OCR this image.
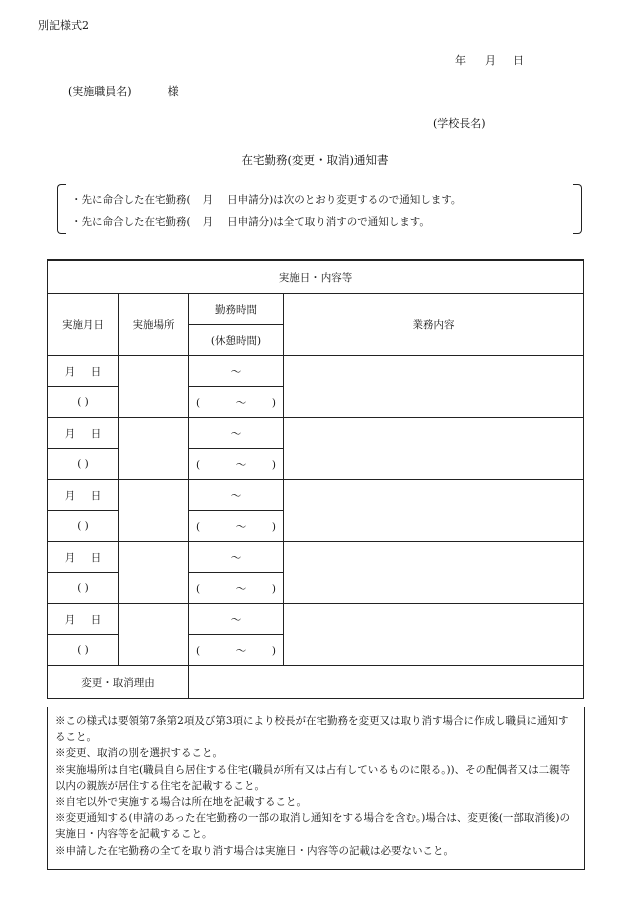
別記様式2
年 月 日
(実施職員名)	様
(学校長名)
在宅勤務(変更・取消)通知書
・先に命合した在宅勤務( 月 日申請分)は次のとおり変更するので通知します。
・先に命合した在宅勤務( 月 日申請分)は全て取り消すので通知します。
実施日・内容等			
実施月日	実施場所	勤務時間	業務内容
		(休憩時間)	
月 日		～	
( )		( ～ )	
月 日		～	
( )		( ～ )	
月 日		～	
( )		( ～ )	
月 日		～	
( )		( ～ )	
月 日		～	
( )		( ～ )	
変更・取消理由			
※この様式は要領第7条第2項及び第3項により校長が在宅勤務を変更又は取り消す場合に作成し職員に通知すること。
※変更、取消の別を選択すること。
※実施場所は自宅(職員自ら居住する住宅(職員が所有又は占有しているものに限る。))、その配偶者又は二親等以内の親族が居住する住宅を記載すること。
※自宅以外で実施する場合は所在地を記載すること。
※変更通知する(申請のあった在宅勤務の一部の取消し通知をする場合を含む。)場合は、変更後(一部取消後)の実施日・内容等を記載すること。
※申請した在宅勤務の全てを取り消す場合は実施日・内容等の記載は必要ないこと。
